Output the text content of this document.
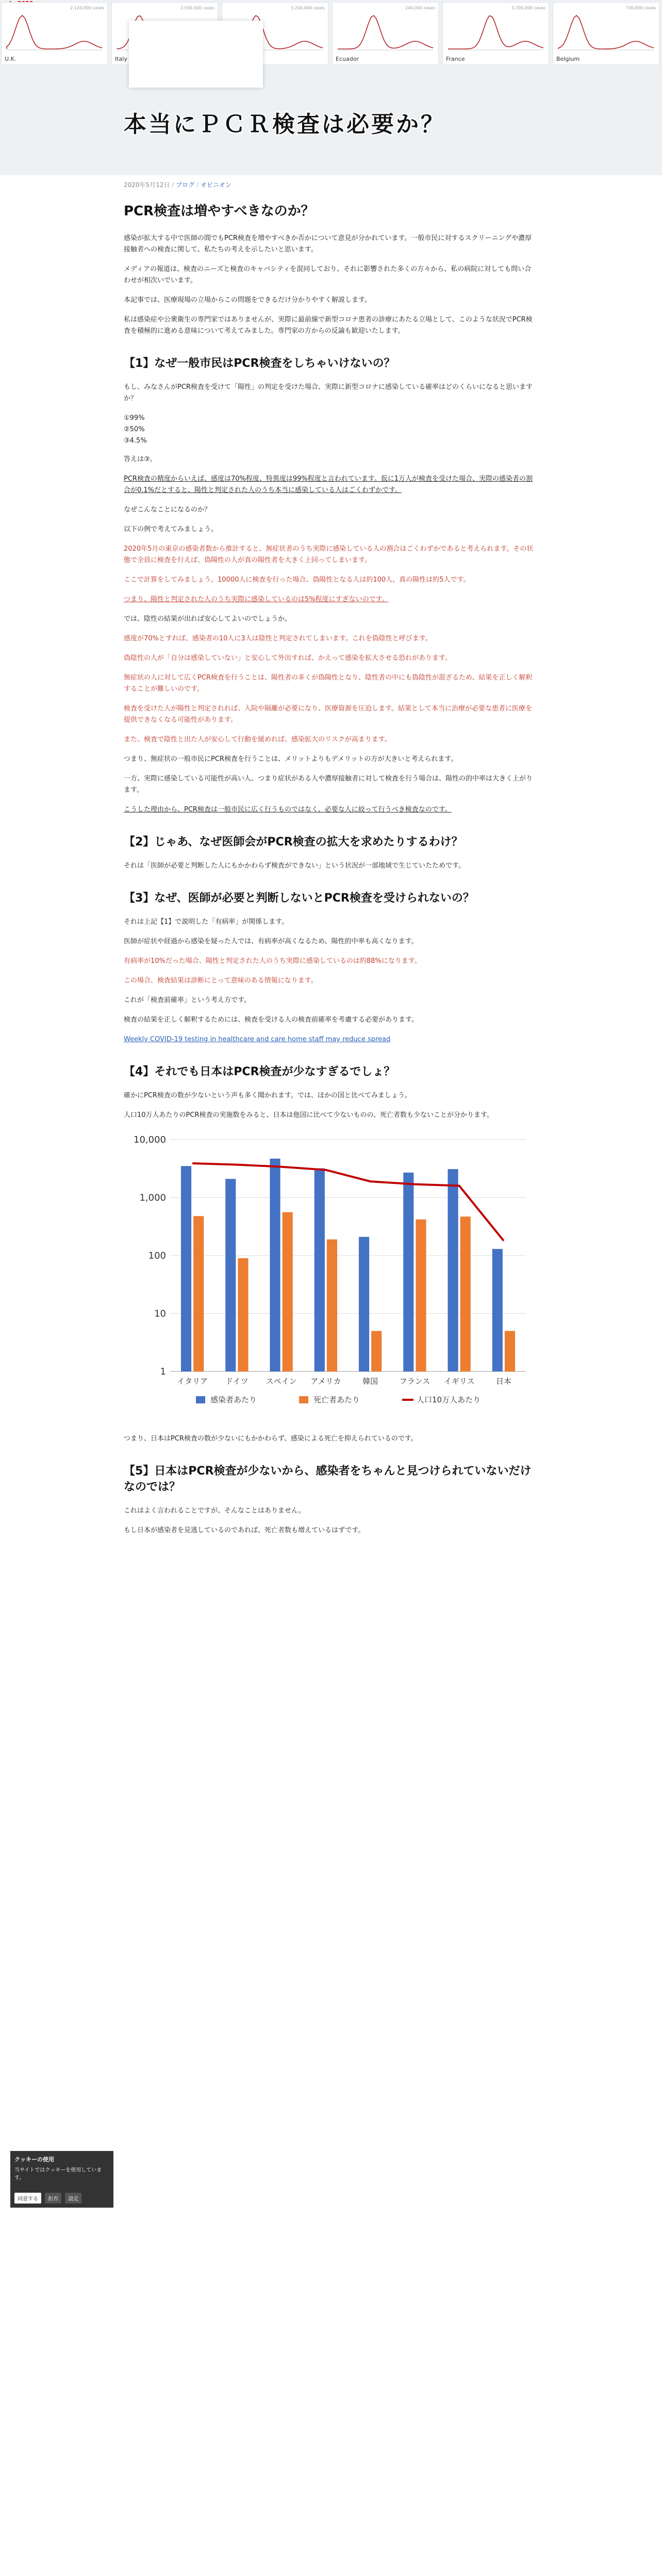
U.K.
2,120,000 cases
Italy
2,500,000 cases	3,200,000 cases
Ecuador
240,000 cases
France
3,700,000 cases
Belgium
730,000 cases
本当にＰＣＲ検査は必要か？
2020年5月12日 / ブログ / オピニオン
PCR検査は増やすべきなのか？

感染が拡大する中で医師の間でもPCR検査を増やすべきか否かについて意見が分かれています。一般市民に対するスクリーニングや濃厚接触者への検査に関して、私たちの考えを示したいと思います。

メディアの報道は、検査のニーズと検査のキャパシティを混同しており、それに影響された多くの方々から、私の病院に対しても問い合わせが相次いでいます。

本記事では、医療現場の立場からこの問題をできるだけ分かりやすく解説します。

私は感染症や公衆衛生の専門家ではありませんが、実際に最前線で新型コロナ患者の診療にあたる立場として、このような状況でPCR検査を積極的に進める意味について考えてみました。専門家の方からの反論も歓迎いたします。

【1】なぜ一般市民はPCR検査をしちゃいけないの？

もし、みなさんがPCR検査を受けて「陽性」の判定を受けた場合、実際に新型コロナに感染している確率はどのくらいになると思いますか？

①99%
②50%
③4.5%

答えは③。

PCR検査の精度からいえば、感度は70%程度、特異度は99%程度と言われています。仮に1万人が検査を受けた場合、実際の感染者の割合が0.1%だとすると、陽性と判定された人のうち本当に感染している人はごくわずかです。

なぜこんなことになるのか？

以下の例で考えてみましょう。

2020年5月の東京の感染者数から推計すると、無症状者のうち実際に感染している人の割合はごくわずかであると考えられます。その状態で全員に検査を行えば、偽陽性の人が真の陽性者を大きく上回ってしまいます。

ここで計算をしてみましょう。10000人に検査を行った場合、偽陽性となる人は約100人、真の陽性は約5人です。

つまり、陽性と判定された人のうち実際に感染しているのは5%程度にすぎないのです。

では、陰性の結果が出れば安心してよいのでしょうか。

感度が70%とすれば、感染者の10人に3人は陰性と判定されてしまいます。これを偽陰性と呼びます。

偽陰性の人が「自分は感染していない」と安心して外出すれば、かえって感染を拡大させる恐れがあります。

無症状の人に対して広くPCR検査を行うことは、陽性者の多くが偽陽性となり、陰性者の中にも偽陰性が混ざるため、結果を正しく解釈することが難しいのです。

検査を受けた人が陽性と判定されれば、入院や隔離が必要になり、医療資源を圧迫します。結果として本当に治療が必要な患者に医療を提供できなくなる可能性があります。

また、検査で陰性と出た人が安心して行動を緩めれば、感染拡大のリスクが高まります。

つまり、無症状の一般市民にPCR検査を行うことは、メリットよりもデメリットの方が大きいと考えられます。

一方、実際に感染している可能性が高い人、つまり症状がある人や濃厚接触者に対して検査を行う場合は、陽性の的中率は大きく上がります。

こうした理由から、PCR検査は一般市民に広く行うものではなく、必要な人に絞って行うべき検査なのです。

【2】じゃあ、なぜ医師会がPCR検査の拡大を求めたりするわけ？

それは「医師が必要と判断した人にもかかわらず検査ができない」という状況が一部地域で生じていたためです。

【3】なぜ、医師が必要と判断しないとPCR検査を受けられないの？

それは上記【1】で説明した「有病率」が関係します。

医師が症状や経過から感染を疑った人では、有病率が高くなるため、陽性的中率も高くなります。

有病率が10%だった場合、陽性と判定された人のうち実際に感染しているのは約88%になります。

この場合、検査結果は診断にとって意味のある情報になります。

これが「検査前確率」という考え方です。

検査の結果を正しく解釈するためには、検査を受ける人の検査前確率を考慮する必要があります。

Weekly COVID-19 testing in healthcare and care home staff may reduce spread

【4】それでも日本はPCR検査が少なすぎるでしょ？

確かにPCR検査の数が少ないという声も多く聞かれます。では、ほかの国と比べてみましょう。

人口10万人あたりのPCR検査の実施数をみると、日本は他国に比べて少ないものの、死亡者数も少ないことが分かります。

10,000
1,000
100
10
1
イタリア ドイツ スペイン アメリカ	韓国	フランス イギリス	日本
感染者あたり	死亡者あたり	人口10万人あたり

つまり、日本はPCR検査の数が少ないにもかかわらず、感染による死亡を抑えられているのです。

【5】日本はPCR検査が少ないから、感染者をちゃんと見つけられていないだけなのでは？

これはよく言われることですが、そんなことはありません。

もし日本が感染者を見逃しているのであれば、死亡者数も増えているはずです。

クッキーの使用
当サイトではクッキーを使用しています。
同意する 拒否 設定
